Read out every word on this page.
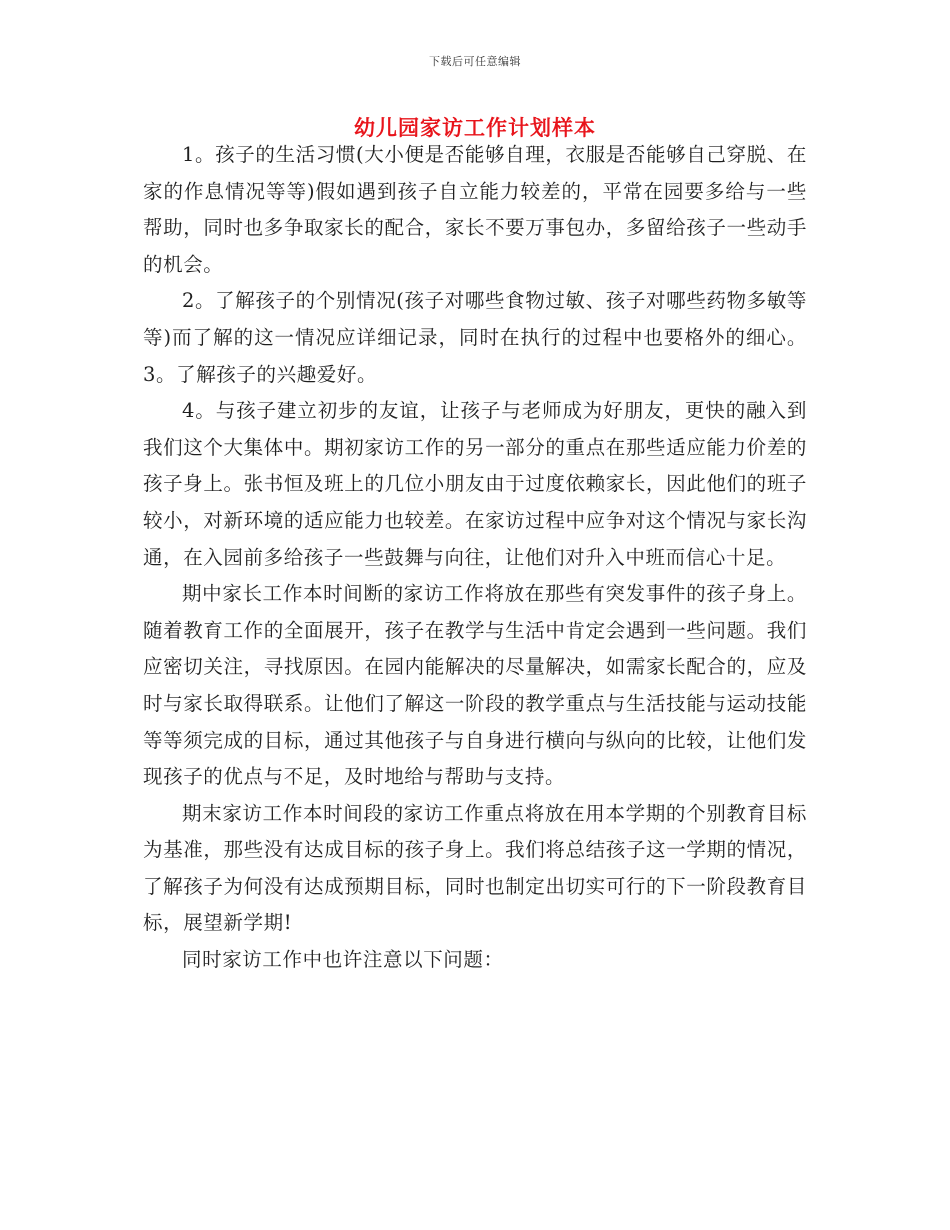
下载后可任意编辑
幼儿园家访工作计划样本

1。孩子的生活习惯(大小便是否能够自理，衣服是否能够自己穿脱、在家的作息情况等等)假如遇到孩子自立能力较差的，平常在园要多给与一些帮助，同时也多争取家长的配合，家长不要万事包办，多留给孩子一些动手的机会。

2。了解孩子的个别情况(孩子对哪些食物过敏、孩子对哪些药物多敏等等)而了解的这一情况应详细记录，同时在执行的过程中也要格外的细心。3。了解孩子的兴趣爱好。

4。与孩子建立初步的友谊，让孩子与老师成为好朋友，更快的融入到我们这个大集体中。期初家访工作的另一部分的重点在那些适应能力价差的孩子身上。张书恒及班上的几位小朋友由于过度依赖家长，因此他们的班子较小，对新环境的适应能力也较差。在家访过程中应争对这个情况与家长沟通，在入园前多给孩子一些鼓舞与向往，让他们对升入中班而信心十足。

期中家长工作本时间断的家访工作将放在那些有突发事件的孩子身上。随着教育工作的全面展开，孩子在教学与生活中肯定会遇到一些问题。我们应密切关注，寻找原因。在园内能解决的尽量解决，如需家长配合的，应及时与家长取得联系。让他们了解这一阶段的教学重点与生活技能与运动技能等等须完成的目标，通过其他孩子与自身进行横向与纵向的比较，让他们发现孩子的优点与不足，及时地给与帮助与支持。

期末家访工作本时间段的家访工作重点将放在用本学期的个别教育目标为基准，那些没有达成目标的孩子身上。我们将总结孩子这一学期的情况，了解孩子为何没有达成预期目标，同时也制定出切实可行的下一阶段教育目标，展望新学期!

同时家访工作中也许注意以下问题：
